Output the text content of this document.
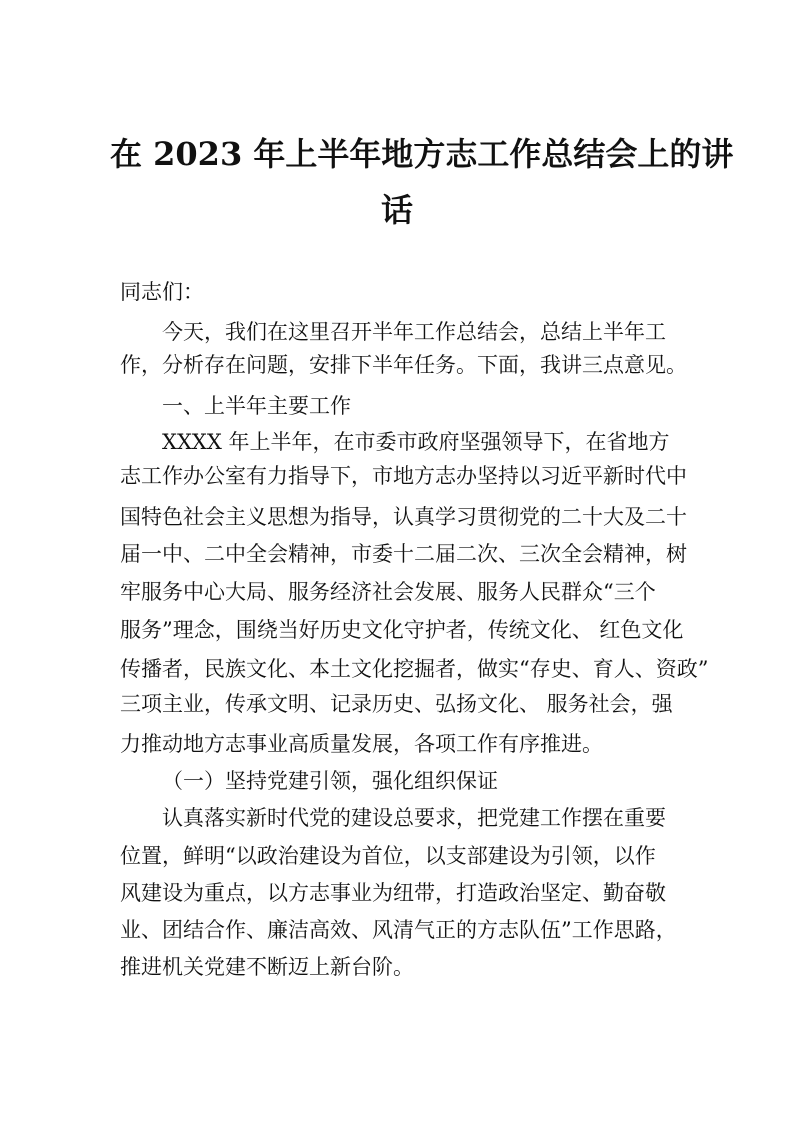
在 2023 年上半年地方志工作总结会上的讲
话

同志们：

今天，我们在这里召开半年工作总结会，总结上半年工

作，分析存在问题，安排下半年任务。下面，我讲三点意见。

一、上半年主要工作

XXXX 年上半年，在市委市政府坚强领导下，在省地方

志工作办公室有力指导下，市地方志办坚持以习近平新时代中

国特色社会主义思想为指导，认真学习贯彻党的二十大及二十

届一中、二中全会精神，市委十二届二次、三次全会精神，树

牢服务中心大局、服务经济社会发展、服务人民群众“三个

服务”理念，围绕当好历史文化守护者，传统文化、 红色文化

传播者，民族文化、本土文化挖掘者，做实“存史、育人、资政”

三项主业，传承文明、记录历史、弘扬文化、 服务社会，强

力推动地方志事业高质量发展，各项工作有序推进。

（一）坚持党建引领，强化组织保证

认真落实新时代党的建设总要求，把党建工作摆在重要

位置，鲜明“以政治建设为首位，以支部建设为引领，以作

风建设为重点，以方志事业为纽带，打造政治坚定、勤奋敬

业、团结合作、廉洁高效、风清气正的方志队伍”工作思路，

推进机关党建不断迈上新台阶。
